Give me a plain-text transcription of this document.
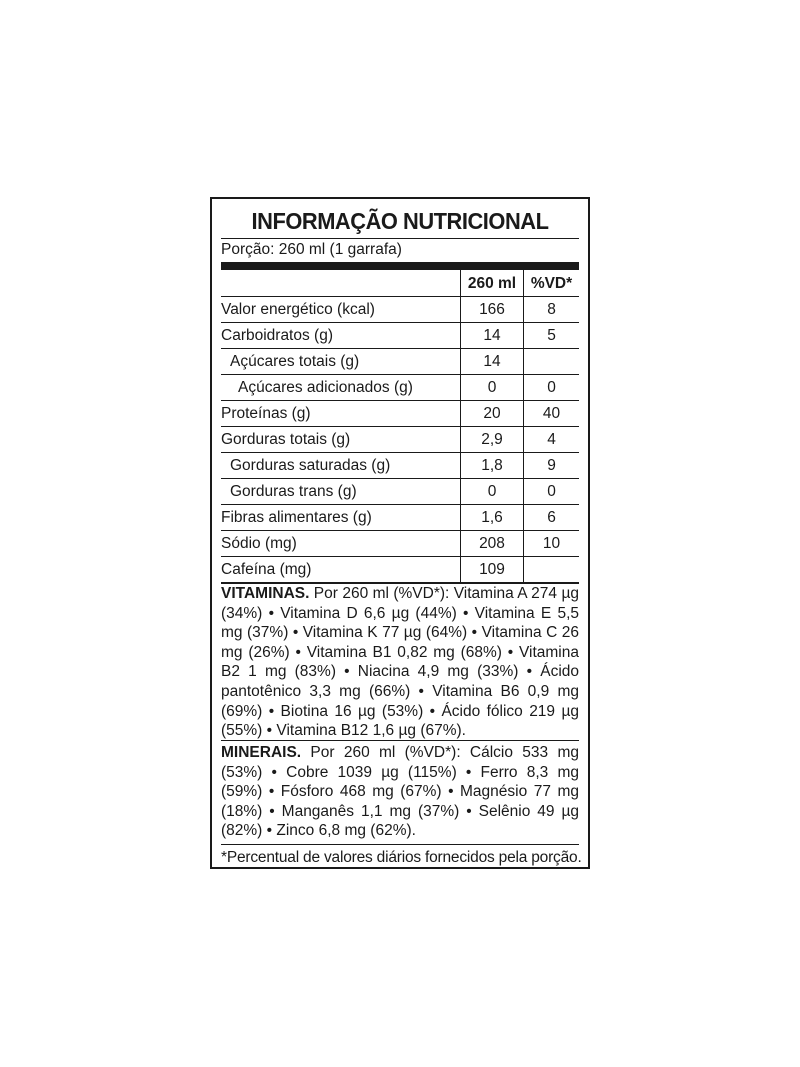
INFORMAÇÃO NUTRICIONAL
Porção: 260 ml (1 garrafa)
	260 ml	%VD*
Valor energético (kcal)	166	8
Carboidratos (g)	14	5
Açúcares totais (g)	14	
Açúcares adicionados (g)	0	0
Proteínas (g)	20	40
Gorduras totais (g)	2,9	4
Gorduras saturadas (g)	1,8	9
Gorduras trans (g)	0	0
Fibras alimentares (g)	1,6	6
Sódio (mg)	208	10
Cafeína (mg)	109	
VITAMINAS. Por 260 ml (%VD*): Vitamina A 274 µg (34%) • Vitamina D 6,6 µg (44%) • Vitamina E 5,5 mg (37%) • Vitamina K 77 µg (64%) • Vitamina C 26 mg (26%) • Vitamina B1 0,82 mg (68%) • Vitamina B2 1 mg (83%) • Niacina 4,9 mg (33%) • Ácido pantotênico 3,3 mg (66%) • Vitamina B6 0,9 mg (69%) • Biotina 16 µg (53%) • Ácido fólico 219 µg (55%) • Vitamina B12 1,6 µg (67%).
MINERAIS. Por 260 ml (%VD*): Cálcio 533 mg (53%) • Cobre 1039 µg (115%) • Ferro 8,3 mg (59%) • Fósforo 468 mg (67%) • Magnésio 77 mg (18%) • Manganês 1,1 mg (37%) • Selênio 49 µg (82%) • Zinco 6,8 mg (62%).
*Percentual de valores diários fornecidos pela porção.
